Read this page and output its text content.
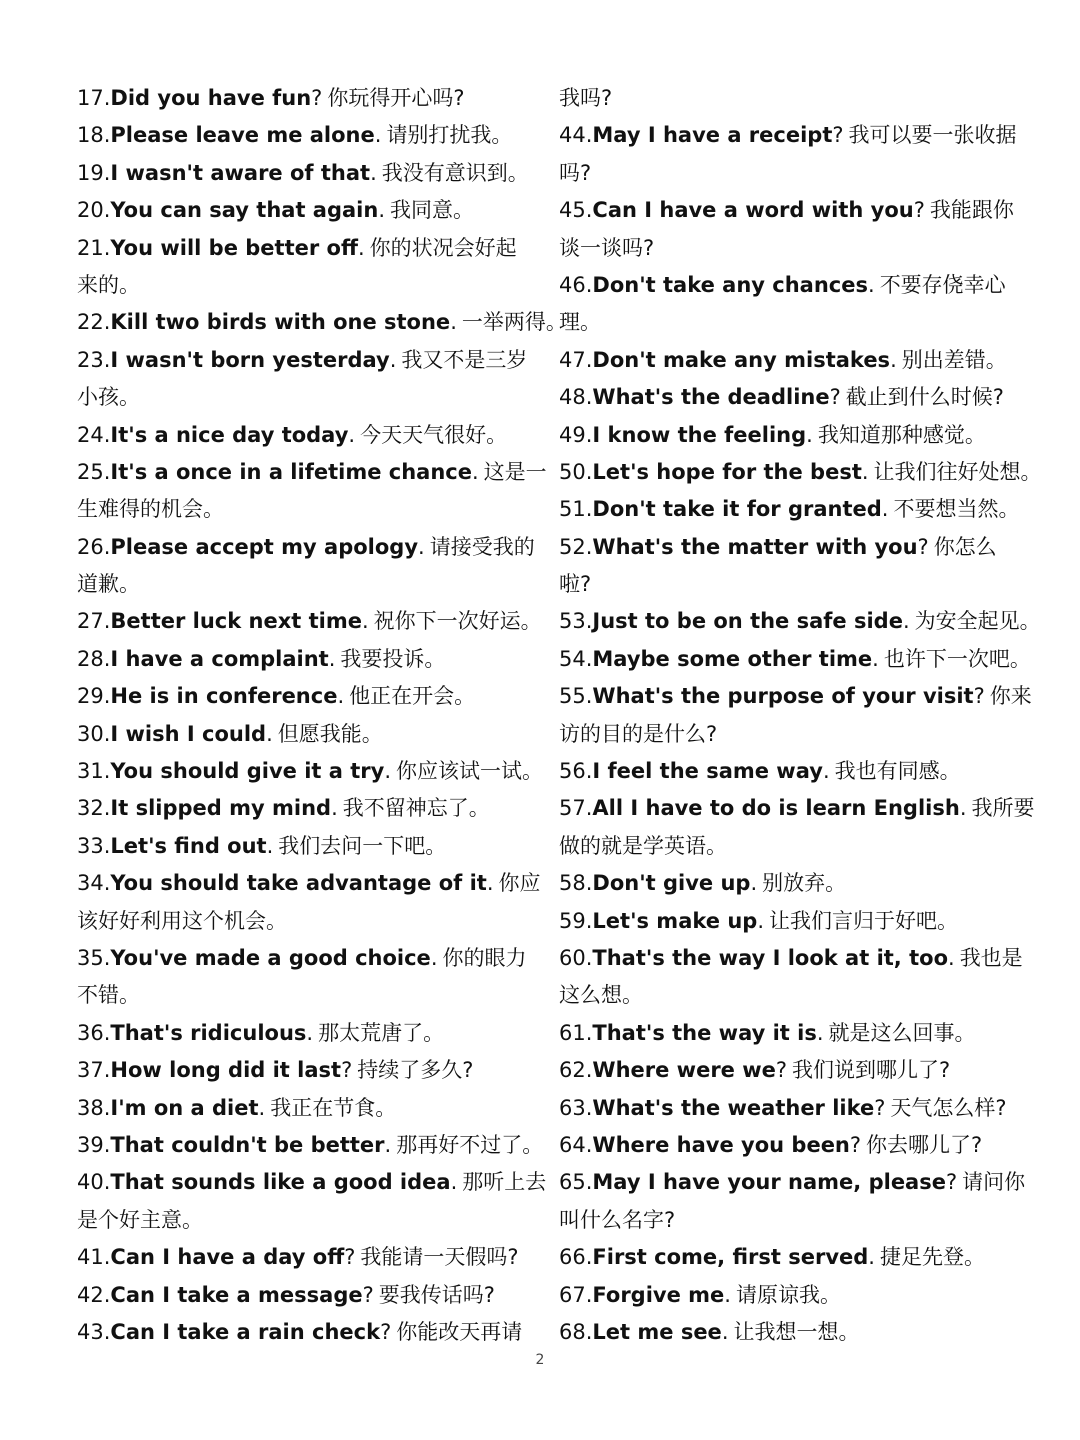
17.Did you have fun? 你玩得开心吗?
18.Please leave me alone. 请别打扰我。
19.I wasn't aware of that. 我没有意识到。
20.You can say that again. 我同意。
21.You will be better off. 你的状况会好起
来的。
22.Kill two birds with one stone. 一举两得。
23.I wasn't born yesterday. 我又不是三岁
小孩。
24.It's a nice day today. 今天天气很好。
25.It's a once in a lifetime chance. 这是一
生难得的机会。
26.Please accept my apology. 请接受我的
道歉。
27.Better luck next time. 祝你下一次好运。
28.I have a complaint. 我要投诉。
29.He is in conference. 他正在开会。
30.I wish I could. 但愿我能。
31.You should give it a try. 你应该试一试。
32.It slipped my mind. 我不留神忘了。
33.Let's find out. 我们去问一下吧。
34.You should take advantage of it. 你应
该好好利用这个机会。
35.You've made a good choice. 你的眼力
不错。
36.That's ridiculous. 那太荒唐了。
37.How long did it last? 持续了多久?
38.I'm on a diet. 我正在节食。
39.That couldn't be better. 那再好不过了。
40.That sounds like a good idea. 那听上去
是个好主意。
41.Can I have a day off? 我能请一天假吗?
42.Can I take a message? 要我传话吗?
43.Can I take a rain check? 你能改天再请
我吗?
44.May I have a receipt? 我可以要一张收据
吗?
45.Can I have a word with you? 我能跟你
谈一谈吗?
46.Don't take any chances. 不要存侥幸心
理。
47.Don't make any mistakes. 别出差错。
48.What's the deadline? 截止到什么时候?
49.I know the feeling. 我知道那种感觉。
50.Let's hope for the best. 让我们往好处想。
51.Don't take it for granted. 不要想当然。
52.What's the matter with you? 你怎么
啦?
53.Just to be on the safe side. 为安全起见。
54.Maybe some other time. 也许下一次吧。
55.What's the purpose of your visit? 你来
访的目的是什么?
56.I feel the same way. 我也有同感。
57.All I have to do is learn English. 我所要
做的就是学英语。
58.Don't give up. 别放弃。
59.Let's make up. 让我们言归于好吧。
60.That's the way I look at it, too. 我也是
这么想。
61.That's the way it is. 就是这么回事。
62.Where were we? 我们说到哪儿了?
63.What's the weather like? 天气怎么样?
64.Where have you been? 你去哪儿了?
65.May I have your name, please? 请问你
叫什么名字?
66.First come, first served. 捷足先登。
67.Forgive me. 请原谅我。
68.Let me see. 让我想一想。
2
